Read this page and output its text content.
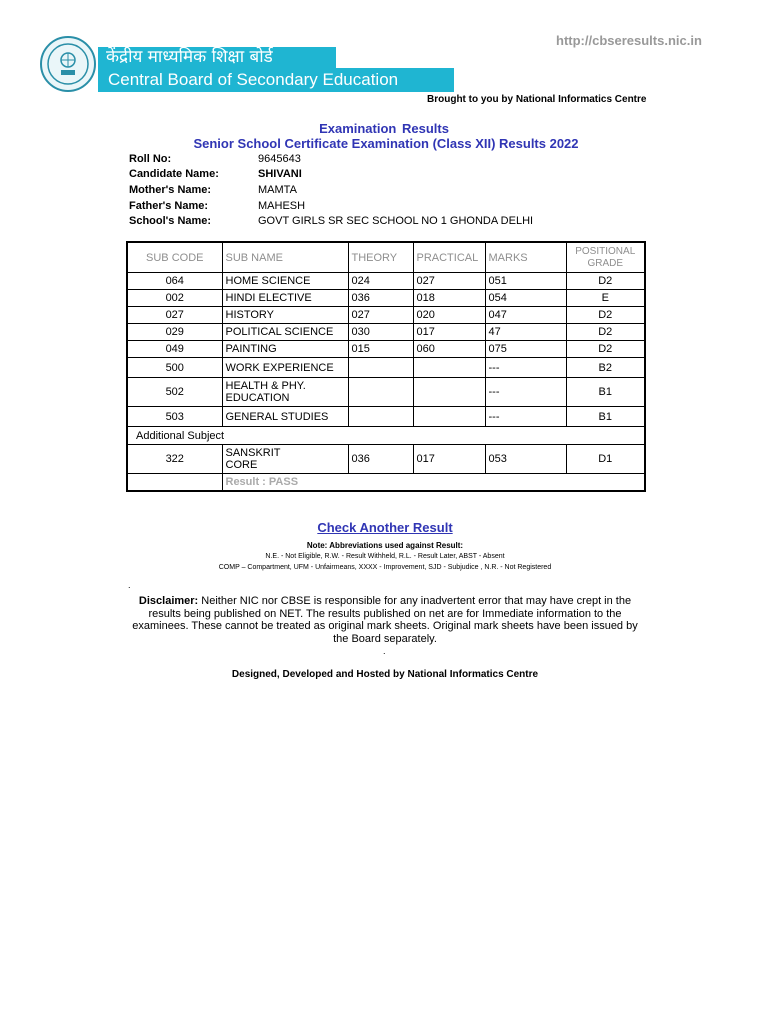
केंद्रीय माध्यमिक शिक्षा बोर्ड
Central Board of Secondary Education
http://cbseresults.nic.in
Brought to you by National Informatics Centre
Examination Results
Senior School Certificate Examination (Class XII) Results 2022
Roll No:	9645643
Candidate Name:	SHIVANI
Mother's Name:	MAMTA
Father's Name:	MAHESH
School's Name:	GOVT GIRLS SR SEC SCHOOL NO 1 GHONDA DELHI
SUB CODE	SUB NAME	THEORY	PRACTICAL	MARKS	POSITIONAL GRADE
064	HOME SCIENCE	024	027	051	D2
002	HINDI ELECTIVE	036	018	054	E
027	HISTORY	027	020	047	D2
029	POLITICAL SCIENCE	030	017	47	D2
049	PAINTING	015	060	075	D2
500	WORK EXPERIENCE			---	B2
502	HEALTH & PHY. EDUCATION			---	B1
503	GENERAL STUDIES			---	B1
Additional Subject					
322	SANSKRIT CORE	036	017	053	D1
	Result : PASS				
Check Another Result
Note: Abbreviations used against Result:
N.E. - Not Eligible, R.W. - Result Withheld, R.L. - Result Later, ABST - Absent
COMP – Compartment, UFM - Unfairmeans, XXXX - Improvement, SJD - Subjudice , N.R. - Not Registered
.
Disclaimer: Neither NIC nor CBSE is responsible for any inadvertent error that may have crept in the results being published on NET. The results published on net are for Immediate information to the examinees. These cannot be treated as original mark sheets. Original mark sheets have been issued by the Board separately.
.
Designed, Developed and Hosted by National Informatics Centre
